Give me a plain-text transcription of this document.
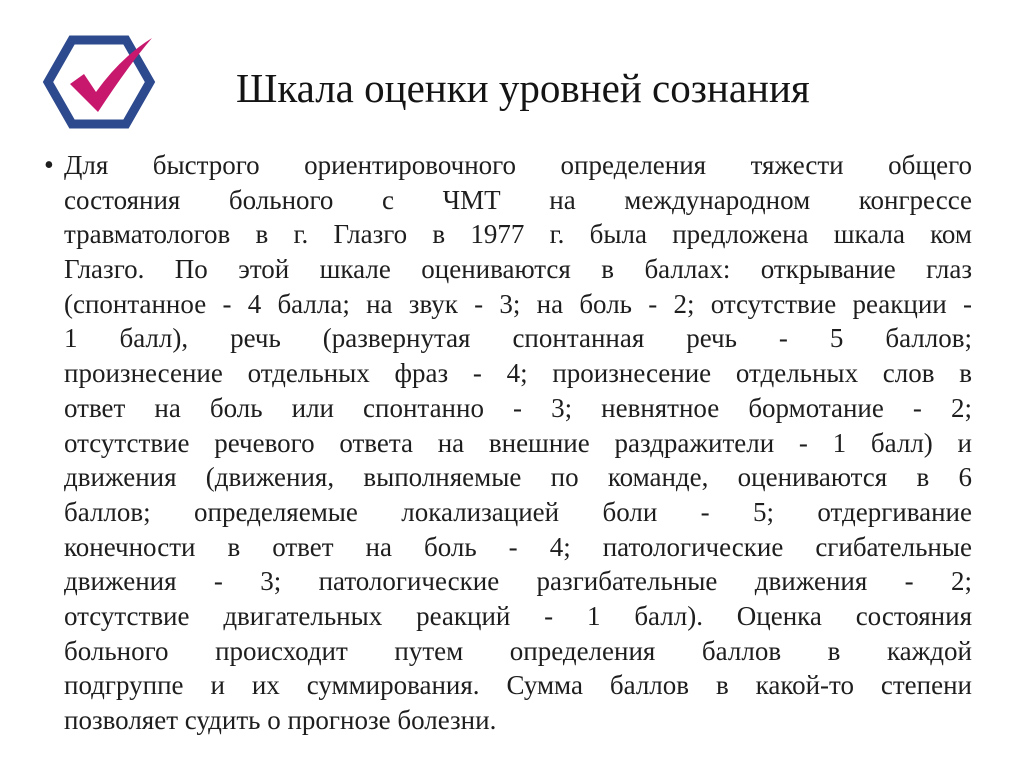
Шкала оценки уровней сознания
• Для быстрого ориентировочного определения тяжести общего
состояния больного с ЧМТ на международном конгрессе
травматологов в г. Глазго в 1977 г. была предложена шкала ком
Глазго. По этой шкале оцениваются в баллах: открывание глаз
(спонтанное - 4 балла; на звук - 3; на боль - 2; отсутствие реакции -
1 балл), речь (развернутая спонтанная речь - 5 баллов;
произнесение отдельных фраз - 4; произнесение отдельных слов в
ответ на боль или спонтанно - 3; невнятное бормотание - 2;
отсутствие речевого ответа на внешние раздражители - 1 балл) и
движения (движения, выполняемые по команде, оцениваются в 6
баллов; определяемые локализацией боли - 5; отдергивание
конечности в ответ на боль - 4; патологические сгибательные
движения - 3; патологические разгибательные движения - 2;
отсутствие двигательных реакций - 1 балл). Оценка состояния
больного происходит путем определения баллов в каждой
подгруппе и их суммирования. Сумма баллов в какой-то степени
позволяет судить о прогнозе болезни.
